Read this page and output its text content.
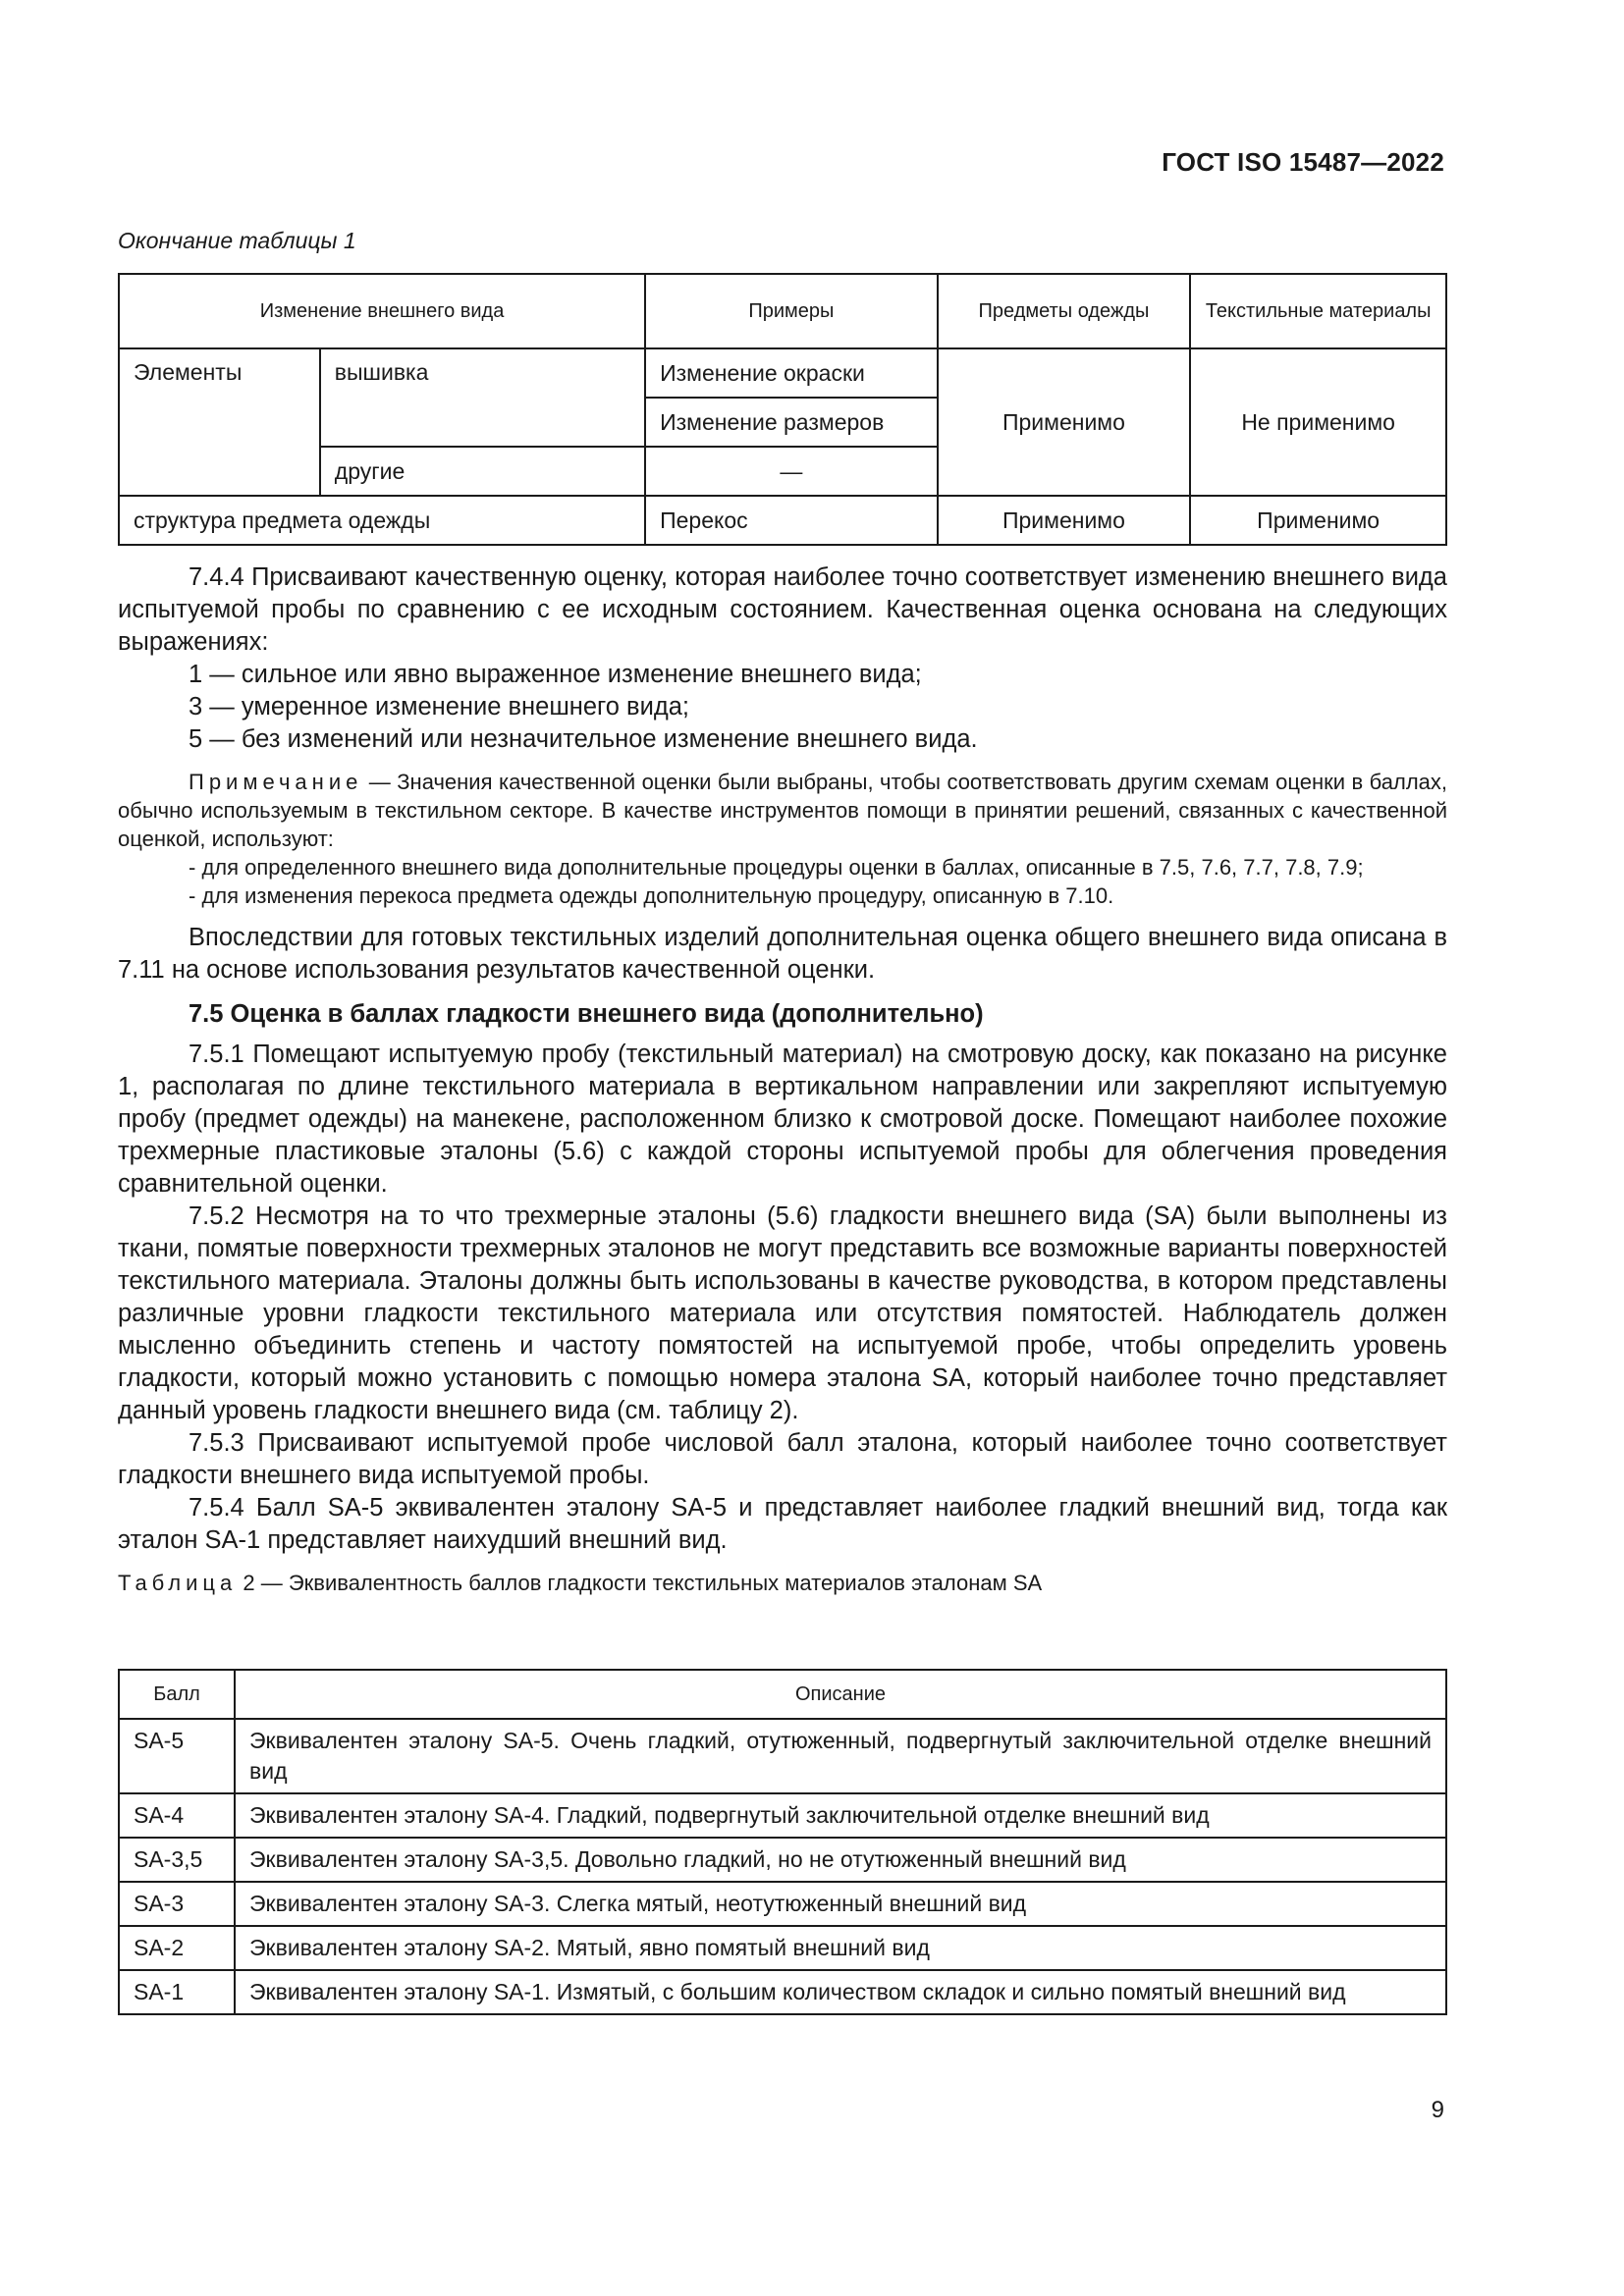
ГОСТ ISO 15487—2022
Окончание таблицы 1
Изменение внешнего вида		Примеры	Предметы одежды	Текстильные материалы
Элементы	вышивка	Изменение окраски	Применимо	Не применимо
		Изменение размеров		
	другие	—		
структура предмета одежды		Перекос	Применимо	Применимо

7.4.4 Присваивают качественную оценку, которая наиболее точно соответствует изменению внешнего вида испытуемой пробы по сравнению с ее исходным состоянием. Качественная оценка основана на следующих выражениях:

1 — сильное или явно выраженное изменение внешнего вида;

3 — умеренное изменение внешнего вида;

5 — без изменений или незначительное изменение внешнего вида.

Примечание — Значения качественной оценки были выбраны, чтобы соответствовать другим схемам оценки в баллах, обычно используемым в текстильном секторе. В качестве инструментов помощи в принятии решений, связанных с качественной оценкой, используют:

- для определенного внешнего вида дополнительные процедуры оценки в баллах, описанные в 7.5, 7.6, 7.7, 7.8, 7.9;

- для изменения перекоса предмета одежды дополнительную процедуру, описанную в 7.10.

Впоследствии для готовых текстильных изделий дополнительная оценка общего внешнего вида описана в 7.11 на основе использования результатов качественной оценки.

7.5 Оценка в баллах гладкости внешнего вида (дополнительно)

7.5.1 Помещают испытуемую пробу (текстильный материал) на смотровую доску, как показано на рисунке 1, располагая по длине текстильного материала в вертикальном направлении или закрепляют испытуемую пробу (предмет одежды) на манекене, расположенном близко к смотровой доске. Помещают наиболее похожие трехмерные пластиковые эталоны (5.6) с каждой стороны испытуемой пробы для облегчения проведения сравнительной оценки.

7.5.2 Несмотря на то что трехмерные эталоны (5.6) гладкости внешнего вида (SA) были выполнены из ткани, помятые поверхности трехмерных эталонов не могут представить все возможные варианты поверхностей текстильного материала. Эталоны должны быть использованы в качестве руководства, в котором представлены различные уровни гладкости текстильного материала или отсутствия помятостей. Наблюдатель должен мысленно объединить степень и частоту помятостей на испытуемой пробе, чтобы определить уровень гладкости, который можно установить с помощью номера эталона SA, который наиболее точно представляет данный уровень гладкости внешнего вида (см. таблицу 2).

7.5.3 Присваивают испытуемой пробе числовой балл эталона, который наиболее точно соответствует гладкости внешнего вида испытуемой пробы.

7.5.4 Балл SA-5 эквивалентен эталону SA-5 и представляет наиболее гладкий внешний вид, тогда как эталон SA-1 представляет наихудший внешний вид.

Таблица 2 — Эквивалентность баллов гладкости текстильных материалов эталонам SA

Балл	Описание
SA-5	Эквивалентен эталону SA-5. Очень гладкий, отутюженный, подвергнутый заключительной отделке внешний вид
SA-4	Эквивалентен эталону SA-4. Гладкий, подвергнутый заключительной отделке внешний вид
SA-3,5	Эквивалентен эталону SA-3,5. Довольно гладкий, но не отутюженный внешний вид
SA-3	Эквивалентен эталону SA-3. Слегка мятый, неотутюженный внешний вид
SA-2	Эквивалентен эталону SA-2. Мятый, явно помятый внешний вид
SA-1	Эквивалентен эталону SA-1. Измятый, с большим количеством складок и сильно помятый внешний вид
9
